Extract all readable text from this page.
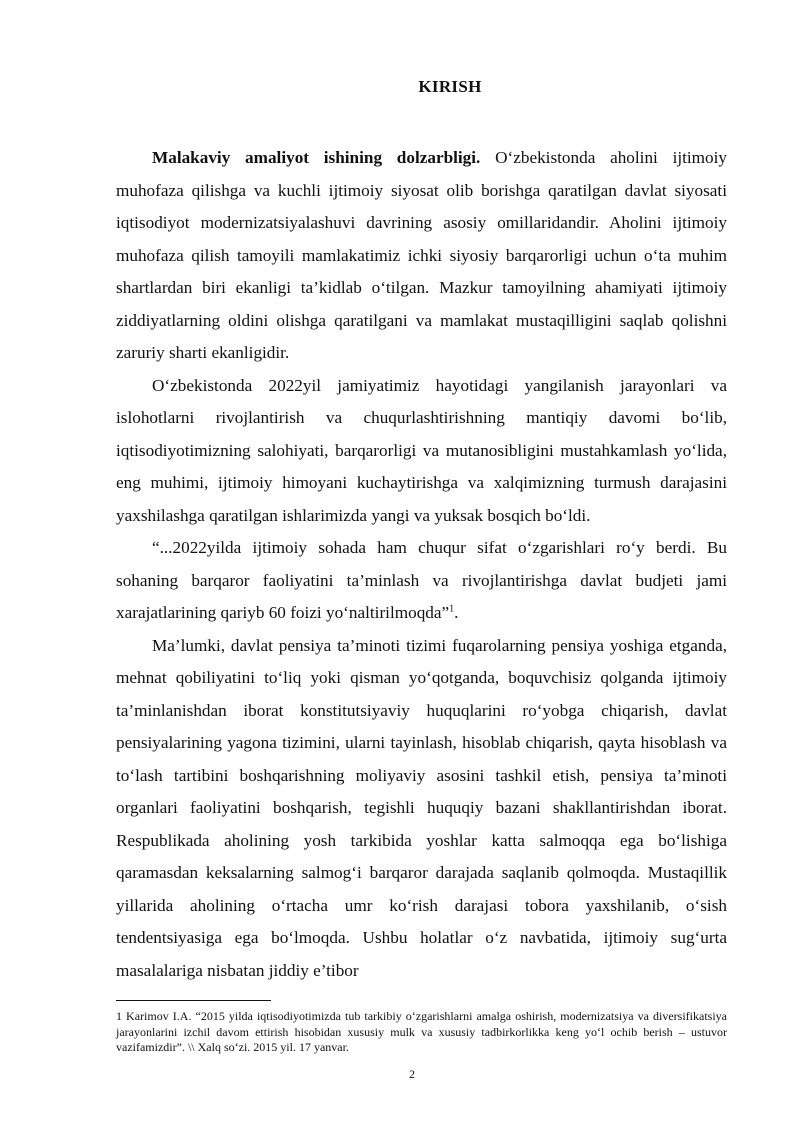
KIRISH

Malakaviy amaliyot ishining dolzarbligi. O‘zbekistonda aholini ijtimoiy muhofaza qilishga va kuchli ijtimoiy siyosat olib borishga qaratilgan davlat siyosati iqtisodiyot modernizatsiyalashuvi davrining asosiy omillaridandir. Aholini ijtimoiy muhofaza qilish tamoyili mamlakatimiz ichki siyosiy barqarorligi uchun o‘ta muhim shartlardan biri ekanligi ta’kidlab o‘tilgan. Mazkur tamoyilning ahamiyati ijtimoiy ziddiyatlarning oldini olishga qaratilgani va mamlakat mustaqilligini saqlab qolishni zaruriy sharti ekanligidir.

O‘zbekistonda 2022yil jamiyatimiz hayotidagi yangilanish jarayonlari va islohotlarni rivojlantirish va chuqurlashtirishning mantiqiy davomi bo‘lib, iqtisodiyotimizning salohiyati, barqarorligi va mutanosibligini mustahkamlash yo‘lida, eng muhimi, ijtimoiy himoyani kuchaytirishga va xalqimizning turmush darajasini yaxshilashga qaratilgan ishlarimizda yangi va yuksak bosqich bo‘ldi.

“...2022yilda ijtimoiy sohada ham chuqur sifat o‘zgarishlari ro‘y berdi. Bu sohaning barqaror faoliyatini ta’minlash va rivojlantirishga davlat budjeti jami xarajatlarining qariyb 60 foizi yo‘naltirilmoqda”$^1$.

Ma’lumki, davlat pensiya ta’minoti tizimi fuqarolarning pensiya yoshiga etganda, mehnat qobiliyatini to‘liq yoki qisman yo‘qotganda, boquvchisiz qolganda ijtimoiy ta’minlanishdan iborat konstitutsiyaviy huquqlarini ro‘yobga chiqarish, davlat pensiyalarining yagona tizimini, ularni tayinlash, hisoblab chiqarish, qayta hisoblash va to‘lash tartibini boshqarishning moliyaviy asosini tashkil etish, pensiya ta’minoti organlari faoliyatini boshqarish, tegishli huquqiy bazani shakllantirishdan iborat. Respublikada aholining yosh tarkibida yoshlar katta salmoqqa ega bo‘lishiga qaramasdan keksalarning salmog‘i barqaror darajada saqlanib qolmoqda. Mustaqillik yillarida aholining o‘rtacha umr ko‘rish darajasi tobora yaxshilanib, o‘sish tendentsiyasiga ega bo‘lmoqda. Ushbu holatlar o‘z navbatida, ijtimoiy sug‘urta masalalariga nisbatan jiddiy e’tibor

1 Karimov I.A. “2015 yilda iqtisodiyotimizda tub tarkibiy o‘zgarishlarni amalga oshirish, modernizatsiya va diversifikatsiya jarayonlarini izchil davom ettirish hisobidan xususiy mulk va xususiy tadbirkorlikka keng yo‘l ochib berish – ustuvor vazifamizdir”. \\ Xalq so‘zi. 2015 yil. 17 yanvar.
2
